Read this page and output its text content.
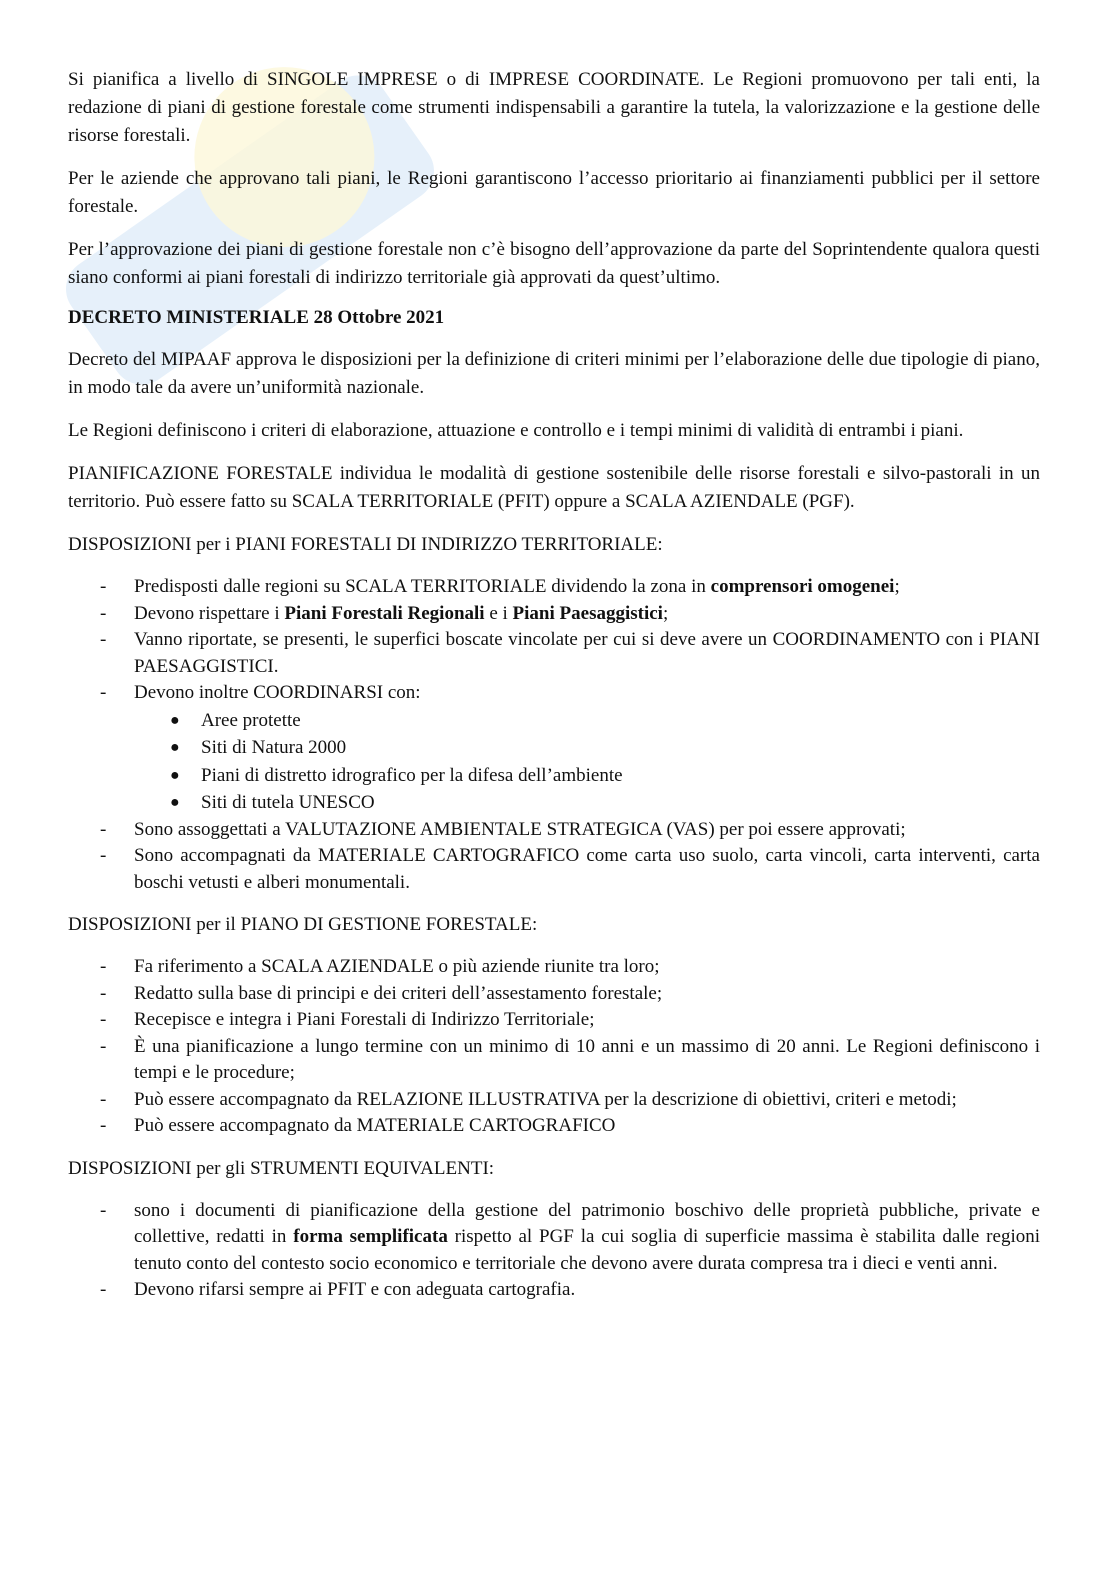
Si pianifica a livello di SINGOLE IMPRESE o di IMPRESE COORDINATE. Le Regioni promuovono per tali enti, la redazione di piani di gestione forestale come strumenti indispensabili a garantire la tutela, la valorizzazione e la gestione delle risorse forestali.

Per le aziende che approvano tali piani, le Regioni garantiscono l’accesso prioritario ai finanziamenti pubblici per il settore forestale.

Per l’approvazione dei piani di gestione forestale non c’è bisogno dell’approvazione da parte del Soprintendente qualora questi siano conformi ai piani forestali di indirizzo territoriale già approvati da quest’ultimo.

DECRETO MINISTERIALE 28 Ottobre 2021

Decreto del MIPAAF approva le disposizioni per la definizione di criteri minimi per l’elaborazione delle due tipologie di piano, in modo tale da avere un’uniformità nazionale.

Le Regioni definiscono i criteri di elaborazione, attuazione e controllo e i tempi minimi di validità di entrambi i piani.

PIANIFICAZIONE FORESTALE individua le modalità di gestione sostenibile delle risorse forestali e silvo-pastorali in un territorio. Può essere fatto su SCALA TERRITORIALE (PFIT) oppure a SCALA AZIENDALE (PGF).

DISPOSIZIONI per i PIANI FORESTALI DI INDIRIZZO TERRITORIALE:

- Predisposti dalle regioni su SCALA TERRITORIALE dividendo la zona in comprensori omogenei;
- Devono rispettare i Piani Forestali Regionali e i Piani Paesaggistici;
- Vanno riportate, se presenti, le superfici boscate vincolate per cui si deve avere un COORDINAMENTO con i PIANI PAESAGGISTICI.
- Devono inoltre COORDINARSI con:
● Aree protette
● Siti di Natura 2000
● Piani di distretto idrografico per la difesa dell’ambiente
● Siti di tutela UNESCO
- Sono assoggettati a VALUTAZIONE AMBIENTALE STRATEGICA (VAS) per poi essere approvati;
- Sono accompagnati da MATERIALE CARTOGRAFICO come carta uso suolo, carta vincoli, carta interventi, carta boschi vetusti e alberi monumentali.

DISPOSIZIONI per il PIANO DI GESTIONE FORESTALE:

- Fa riferimento a SCALA AZIENDALE o più aziende riunite tra loro;
- Redatto sulla base di principi e dei criteri dell’assestamento forestale;
- Recepisce e integra i Piani Forestali di Indirizzo Territoriale;
- È una pianificazione a lungo termine con un minimo di 10 anni e un massimo di 20 anni. Le Regioni definiscono i tempi e le procedure;
- Può essere accompagnato da RELAZIONE ILLUSTRATIVA per la descrizione di obiettivi, criteri e metodi;
- Può essere accompagnato da MATERIALE CARTOGRAFICO

DISPOSIZIONI per gli STRUMENTI EQUIVALENTI:

- sono i documenti di pianificazione della gestione del patrimonio boschivo delle proprietà pubbliche, private e collettive, redatti in forma semplificata rispetto al PGF la cui soglia di superficie massima è stabilita dalle regioni tenuto conto del contesto socio economico e territoriale che devono avere durata compresa tra i dieci e venti anni.
- Devono rifarsi sempre ai PFIT e con adeguata cartografia.
